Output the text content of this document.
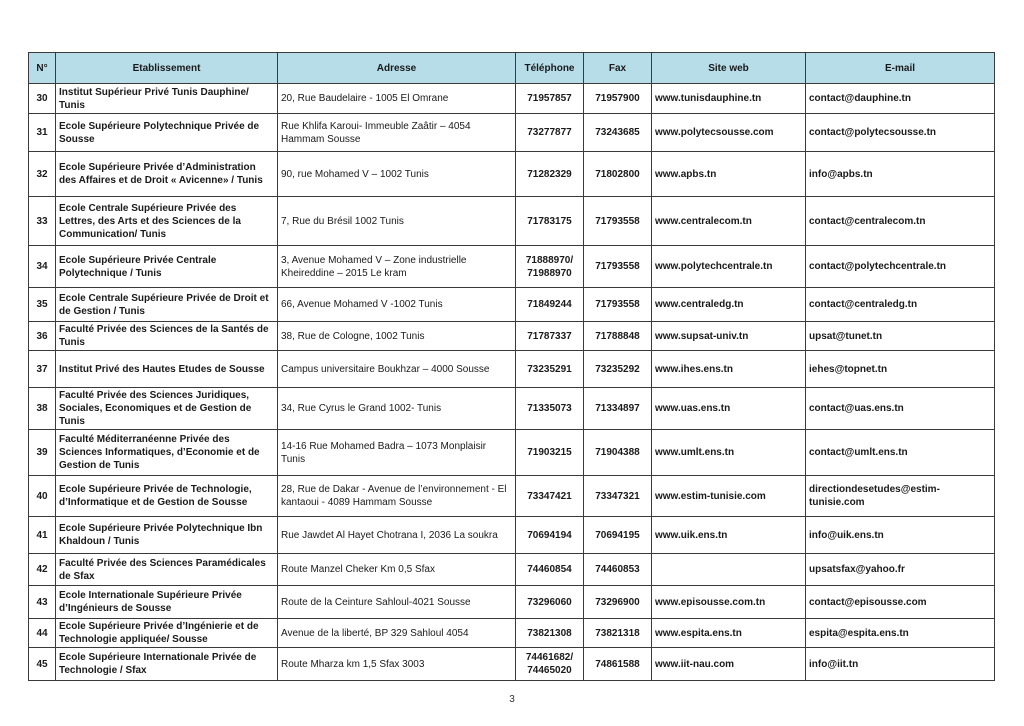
N°	Etablissement	Adresse	Téléphone	Fax	Site web	E-mail
30	Institut Supérieur Privé Tunis Dauphine/ Tunis	20, Rue Baudelaire - 1005 El Omrane	71957857	71957900	www.tunisdauphine.tn	contact@dauphine.tn
31	Ecole Supérieure Polytechnique Privée de Sousse	Rue Khlifa Karoui- Immeuble Zaâtir – 4054 Hammam Sousse	73277877	73243685	www.polytecsousse.com	contact@polytecsousse.tn
32	Ecole Supérieure Privée d’Administration des Affaires et de Droit « Avicenne» / Tunis	90, rue Mohamed V – 1002 Tunis	71282329	71802800	www.apbs.tn	info@apbs.tn
33	Ecole Centrale Supérieure Privée des Lettres, des Arts et des Sciences de la Communication/ Tunis	7, Rue du Brésil 1002 Tunis	71783175	71793558	www.centralecom.tn	contact@centralecom.tn
34	Ecole Supérieure Privée Centrale Polytechnique / Tunis	3, Avenue Mohamed V – Zone industrielle Kheireddine – 2015 Le kram	71888970/ 71988970	71793558	www.polytechcentrale.tn	contact@polytechcentrale.tn
35	Ecole Centrale Supérieure Privée de Droit et de Gestion / Tunis	66, Avenue Mohamed V -1002 Tunis	71849244	71793558	www.centraledg.tn	contact@centraledg.tn
36	Faculté Privée des Sciences de la Santés de Tunis	38, Rue de Cologne, 1002 Tunis	71787337	71788848	www.supsat-univ.tn	upsat@tunet.tn
37	Institut Privé des Hautes Etudes de Sousse	Campus universitaire Boukhzar – 4000 Sousse	73235291	73235292	www.ihes.ens.tn	iehes@topnet.tn
38	Faculté Privée des Sciences Juridiques, Sociales, Economiques et de Gestion de Tunis	34, Rue Cyrus le Grand 1002- Tunis	71335073	71334897	www.uas.ens.tn	contact@uas.ens.tn
39	Faculté Méditerranéenne Privée des Sciences Informatiques, d’Economie et de Gestion de Tunis	14-16 Rue Mohamed Badra – 1073 Monplaisir Tunis	71903215	71904388	www.umlt.ens.tn	contact@umlt.ens.tn
40	Ecole Supérieure Privée de Technologie, d’Informatique et de Gestion de Sousse	28, Rue de Dakar - Avenue de l’environnement - El kantaoui - 4089 Hammam Sousse	73347421	73347321	www.estim-tunisie.com	directiondesetudes@estim-tunisie.com
41	Ecole Supérieure Privée Polytechnique Ibn Khaldoun / Tunis	Rue Jawdet Al Hayet Chotrana I, 2036 La soukra	70694194	70694195	www.uik.ens.tn	info@uik.ens.tn
42	Faculté Privée des Sciences Paramédicales de Sfax	Route Manzel Cheker Km 0,5 Sfax	74460854	74460853		upsatsfax@yahoo.fr
43	Ecole Internationale Supérieure Privée d’Ingénieurs de Sousse	Route de la Ceinture Sahloul-4021 Sousse	73296060	73296900	www.episousse.com.tn	contact@episousse.com
44	Ecole Supérieure Privée d’Ingénierie et de Technologie appliquée/ Sousse	Avenue de la liberté, BP 329 Sahloul 4054	73821308	73821318	www.espita.ens.tn	espita@espita.ens.tn
45	Ecole Supérieure Internationale Privée de Technologie / Sfax	Route Mharza km 1,5 Sfax 3003	74461682/ 74465020	74861588	www.iit-nau.com	info@iit.tn
3
